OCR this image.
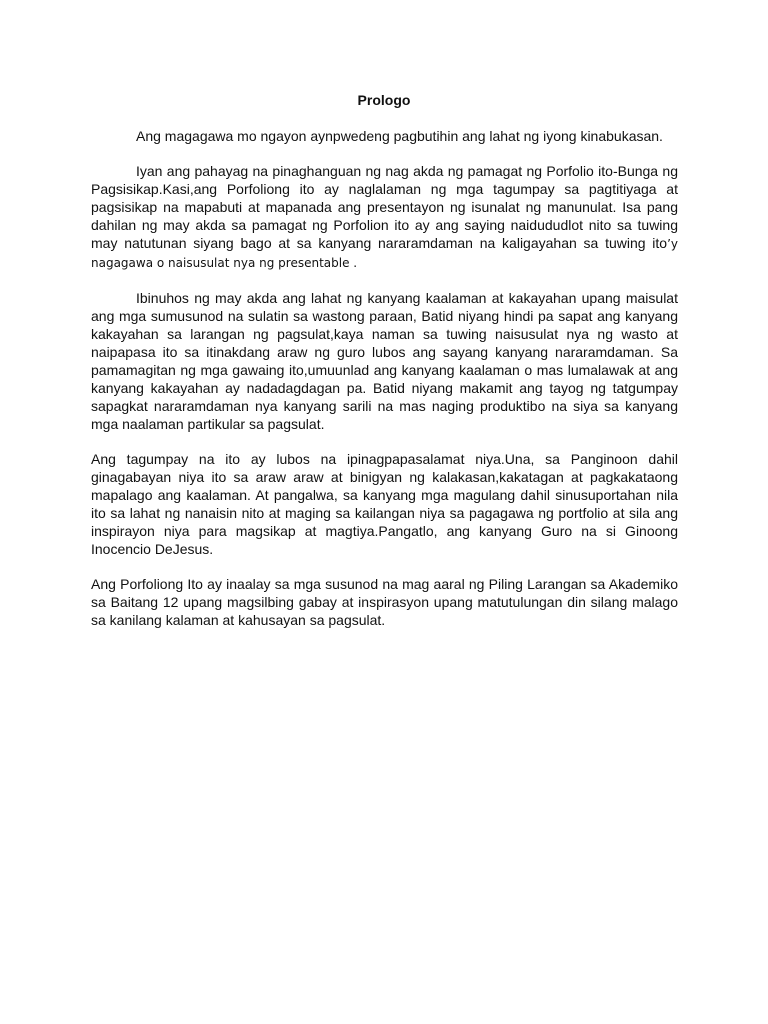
Prologo

Ang magagawa mo ngayon aynpwedeng pagbutihin ang lahat ng iyong kinabukasan.

Iyan ang pahayag na pinaghanguan ng nag akda ng pamagat ng Porfolio ito-Bunga ng Pagsisikap.Kasi,ang Porfoliong ito ay naglalaman ng mga tagumpay sa pagtitiyaga at pagsisikap na mapabuti at mapanada ang presentayon ng isunalat ng manunulat. Isa pang dahilan ng may akda sa pamagat ng Porfolion ito ay ang saying naidududlot nito sa tuwing may natutunan siyang bago at sa kanyang nararamdaman na kaligayahan sa tuwing ito’y nagagawa o naisusulat nya ng presentable .

Ibinuhos ng may akda ang lahat ng kanyang kaalaman at kakayahan upang maisulat ang mga sumusunod na sulatin sa wastong paraan, Batid niyang hindi pa sapat ang kanyang kakayahan sa larangan ng pagsulat,kaya naman sa tuwing naisusulat nya ng wasto at naipapasa ito sa itinakdang araw ng guro lubos ang sayang kanyang nararamdaman. Sa pamamagitan ng mga gawaing ito,umuunlad ang kanyang kaalaman o mas lumalawak at ang kanyang kakayahan ay nadadagdagan pa. Batid niyang makamit ang tayog ng tatgumpay sapagkat nararamdaman nya kanyang sarili na mas naging produktibo na siya sa kanyang mga naalaman partikular sa pagsulat.

Ang tagumpay na ito ay lubos na ipinagpapasalamat niya.Una, sa Panginoon dahil ginagabayan niya ito sa araw araw at binigyan ng kalakasan,kakatagan at pagkakataong mapalago ang kaalaman. At pangalwa, sa kanyang mga magulang dahil sinusuportahan nila ito sa lahat ng nanaisin nito at maging sa kailangan niya sa pagagawa ng portfolio at sila ang inspirayon niya para magsikap at magtiya.Pangatlo, ang kanyang Guro na si Ginoong Inocencio DeJesus.

Ang Porfoliong Ito ay inaalay sa mga susunod na mag aaral ng Piling Larangan sa Akademiko sa Baitang 12 upang magsilbing gabay at inspirasyon upang matutulungan din silang malago sa kanilang kalaman at kahusayan sa pagsulat.
